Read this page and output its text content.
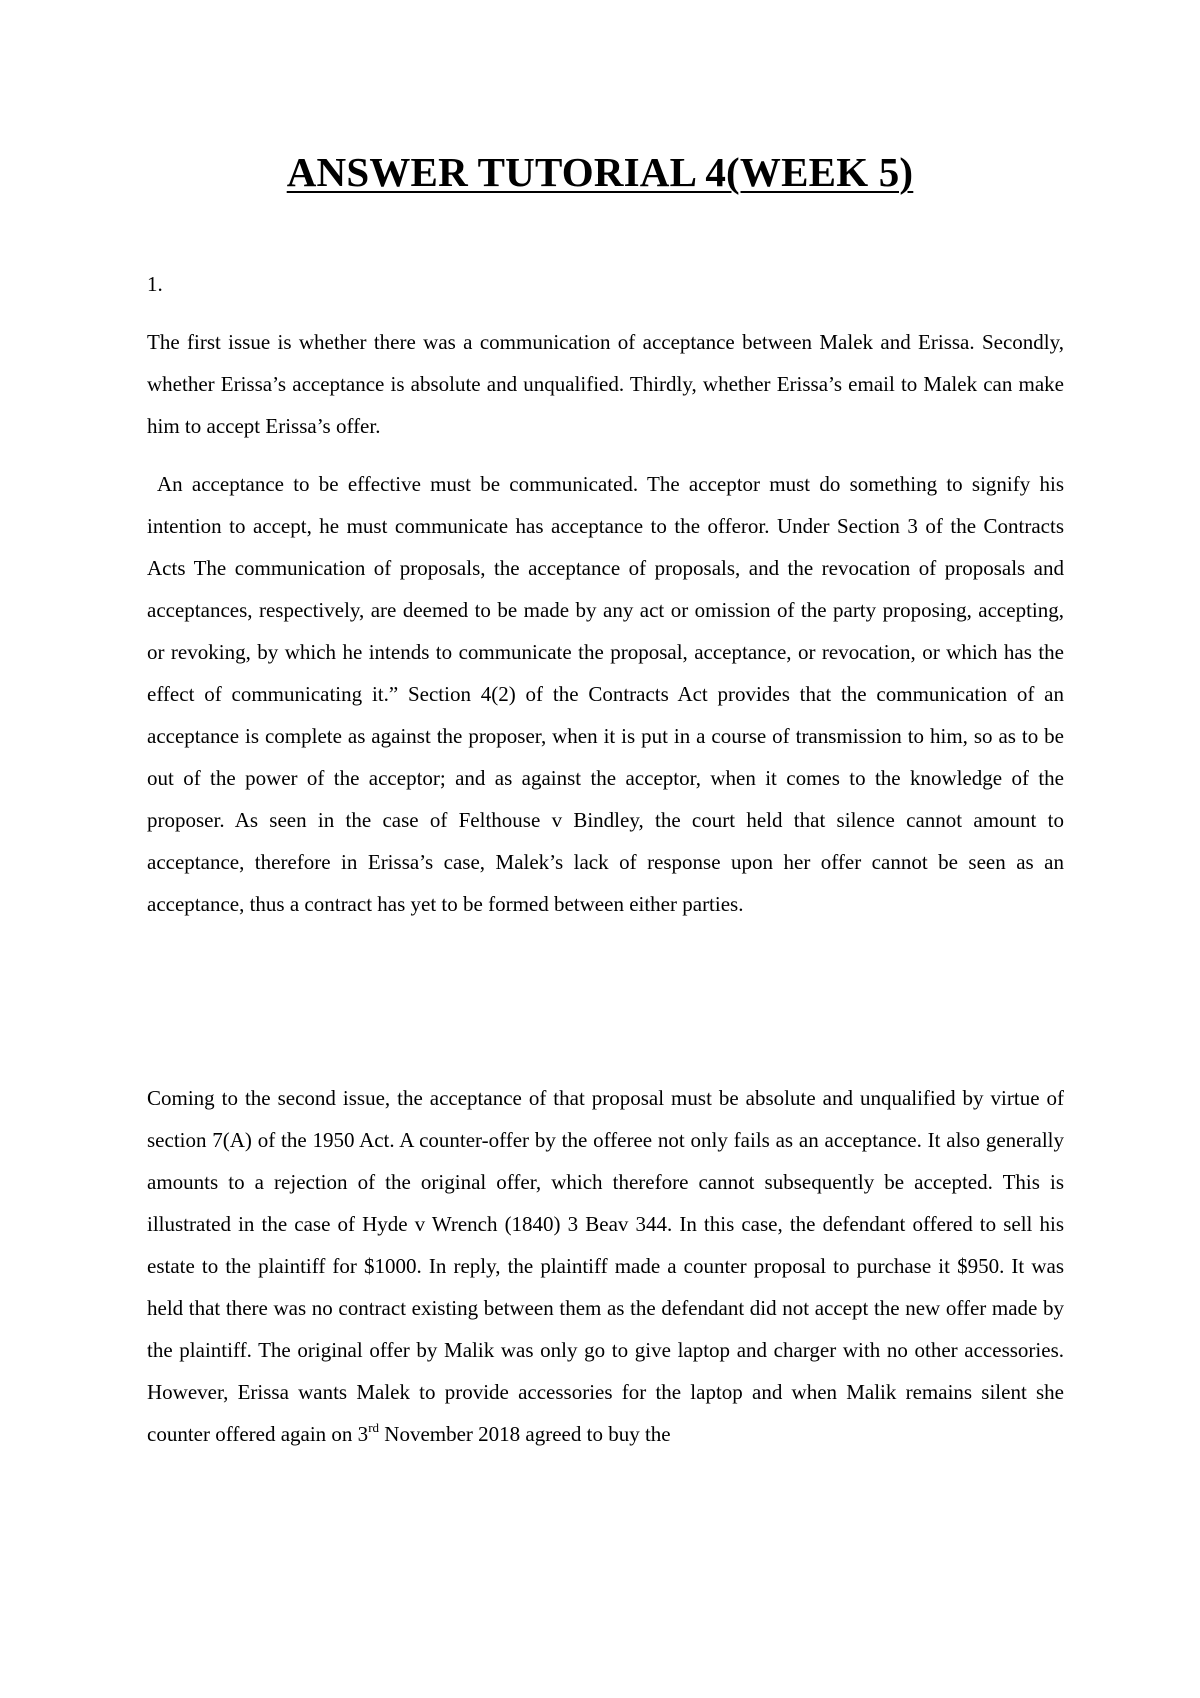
ANSWER TUTORIAL 4(WEEK 5)

1.

The first issue is whether there was a communication of acceptance between Malek and Erissa. Secondly, whether Erissa’s acceptance is absolute and unqualified. Thirdly, whether Erissa’s email to Malek can make him to accept Erissa’s offer.

An acceptance to be effective must be communicated. The acceptor must do something to signify his intention to accept, he must communicate has acceptance to the offeror. Under Section 3 of the Contracts Acts The communication of proposals, the acceptance of proposals, and the revocation of proposals and acceptances, respectively, are deemed to be made by any act or omission of the party proposing, accepting, or revoking, by which he intends to communicate the proposal, acceptance, or revocation, or which has the effect of communicating it.” Section 4(2) of the Contracts Act provides that the communication of an acceptance is complete as against the proposer, when it is put in a course of transmission to him, so as to be out of the power of the acceptor; and as against the acceptor, when it comes to the knowledge of the proposer. As seen in the case of Felthouse v Bindley, the court held that silence cannot amount to acceptance, therefore in Erissa’s case, Malek’s lack of response upon her offer cannot be seen as an acceptance, thus a contract has yet to be formed between either parties.

Coming to the second issue, the acceptance of that proposal must be absolute and unqualified by virtue of section 7(A) of the 1950 Act. A counter-offer by the offeree not only fails as an acceptance. It also generally amounts to a rejection of the original offer, which therefore cannot subsequently be accepted. This is illustrated in the case of Hyde v Wrench (1840) 3 Beav 344. In this case, the defendant offered to sell his estate to the plaintiff for $1000. In reply, the plaintiff made a counter proposal to purchase it $950. It was held that there was no contract existing between them as the defendant did not accept the new offer made by the plaintiff. The original offer by Malik was only go to give laptop and charger with no other accessories. However, Erissa wants Malek to provide accessories for the laptop and when Malik remains silent she counter offered again on 3rd November 2018 agreed to buy the
